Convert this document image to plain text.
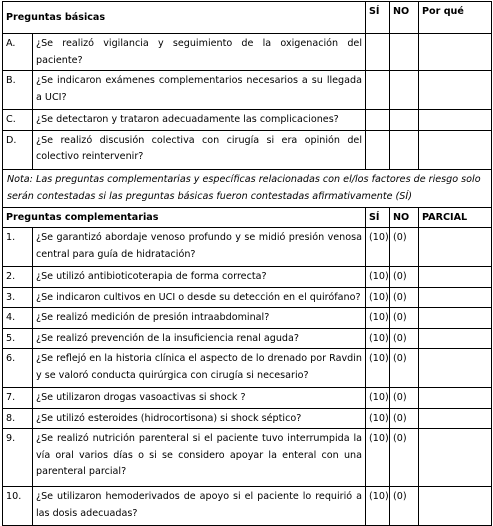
Preguntas básicas		SÍ	NO	Por qué
A.	¿Se realizó vigilancia y seguimiento de la oxigenación del paciente?			
B.	¿Se indicaron exámenes complementarios necesarios a su llegada a UCI?			
C.	¿Se detectaron y trataron adecuadamente las complicaciones?			
D.	¿Se realizó discusión colectiva con cirugía si era opinión del colectivo reintervenir?			
Nota: Las preguntas complementarias y específicas relacionadas con el/los factores de riesgo solo serán contestadas si las preguntas básicas fueron contestadas afirmativamente (SÍ)				
Preguntas complementarias		SÍ	NO	PARCIAL
1.	¿Se garantizó abordaje venoso profundo y se midió presión venosa central para guía de hidratación?	(10)	(0)	
2.	¿Se utilizó antibioticoterapia de forma correcta?	(10)	(0)	
3.	¿Se indicaron cultivos en UCI o desde su detección en el quirófano?	(10)	(0)	
4.	¿Se realizó medición de presión intraabdominal?	(10)	(0)	
5.	¿Se realizó prevención de la insuficiencia renal aguda?	(10)	(0)	
6.	¿Se reflejó en la historia clínica el aspecto de lo drenado por Ravdin y se valoró conducta quirúrgica con cirugía si necesario?	(10)	(0)	
7.	¿Se utilizaron drogas vasoactivas si shock ?	(10)	(0)	
8.	¿Se utilizó esteroides (hidrocortisona) si shock séptico?	(10)	(0)	
9.	¿Se realizó nutrición parenteral si el paciente tuvo interrumpida la vía oral varios días o si se considero apoyar la enteral con una parenteral parcial?	(10)	(0)	
10.	¿Se utilizaron hemoderivados de apoyo si el paciente lo requirió a las dosis adecuadas?	(10)	(0)	
